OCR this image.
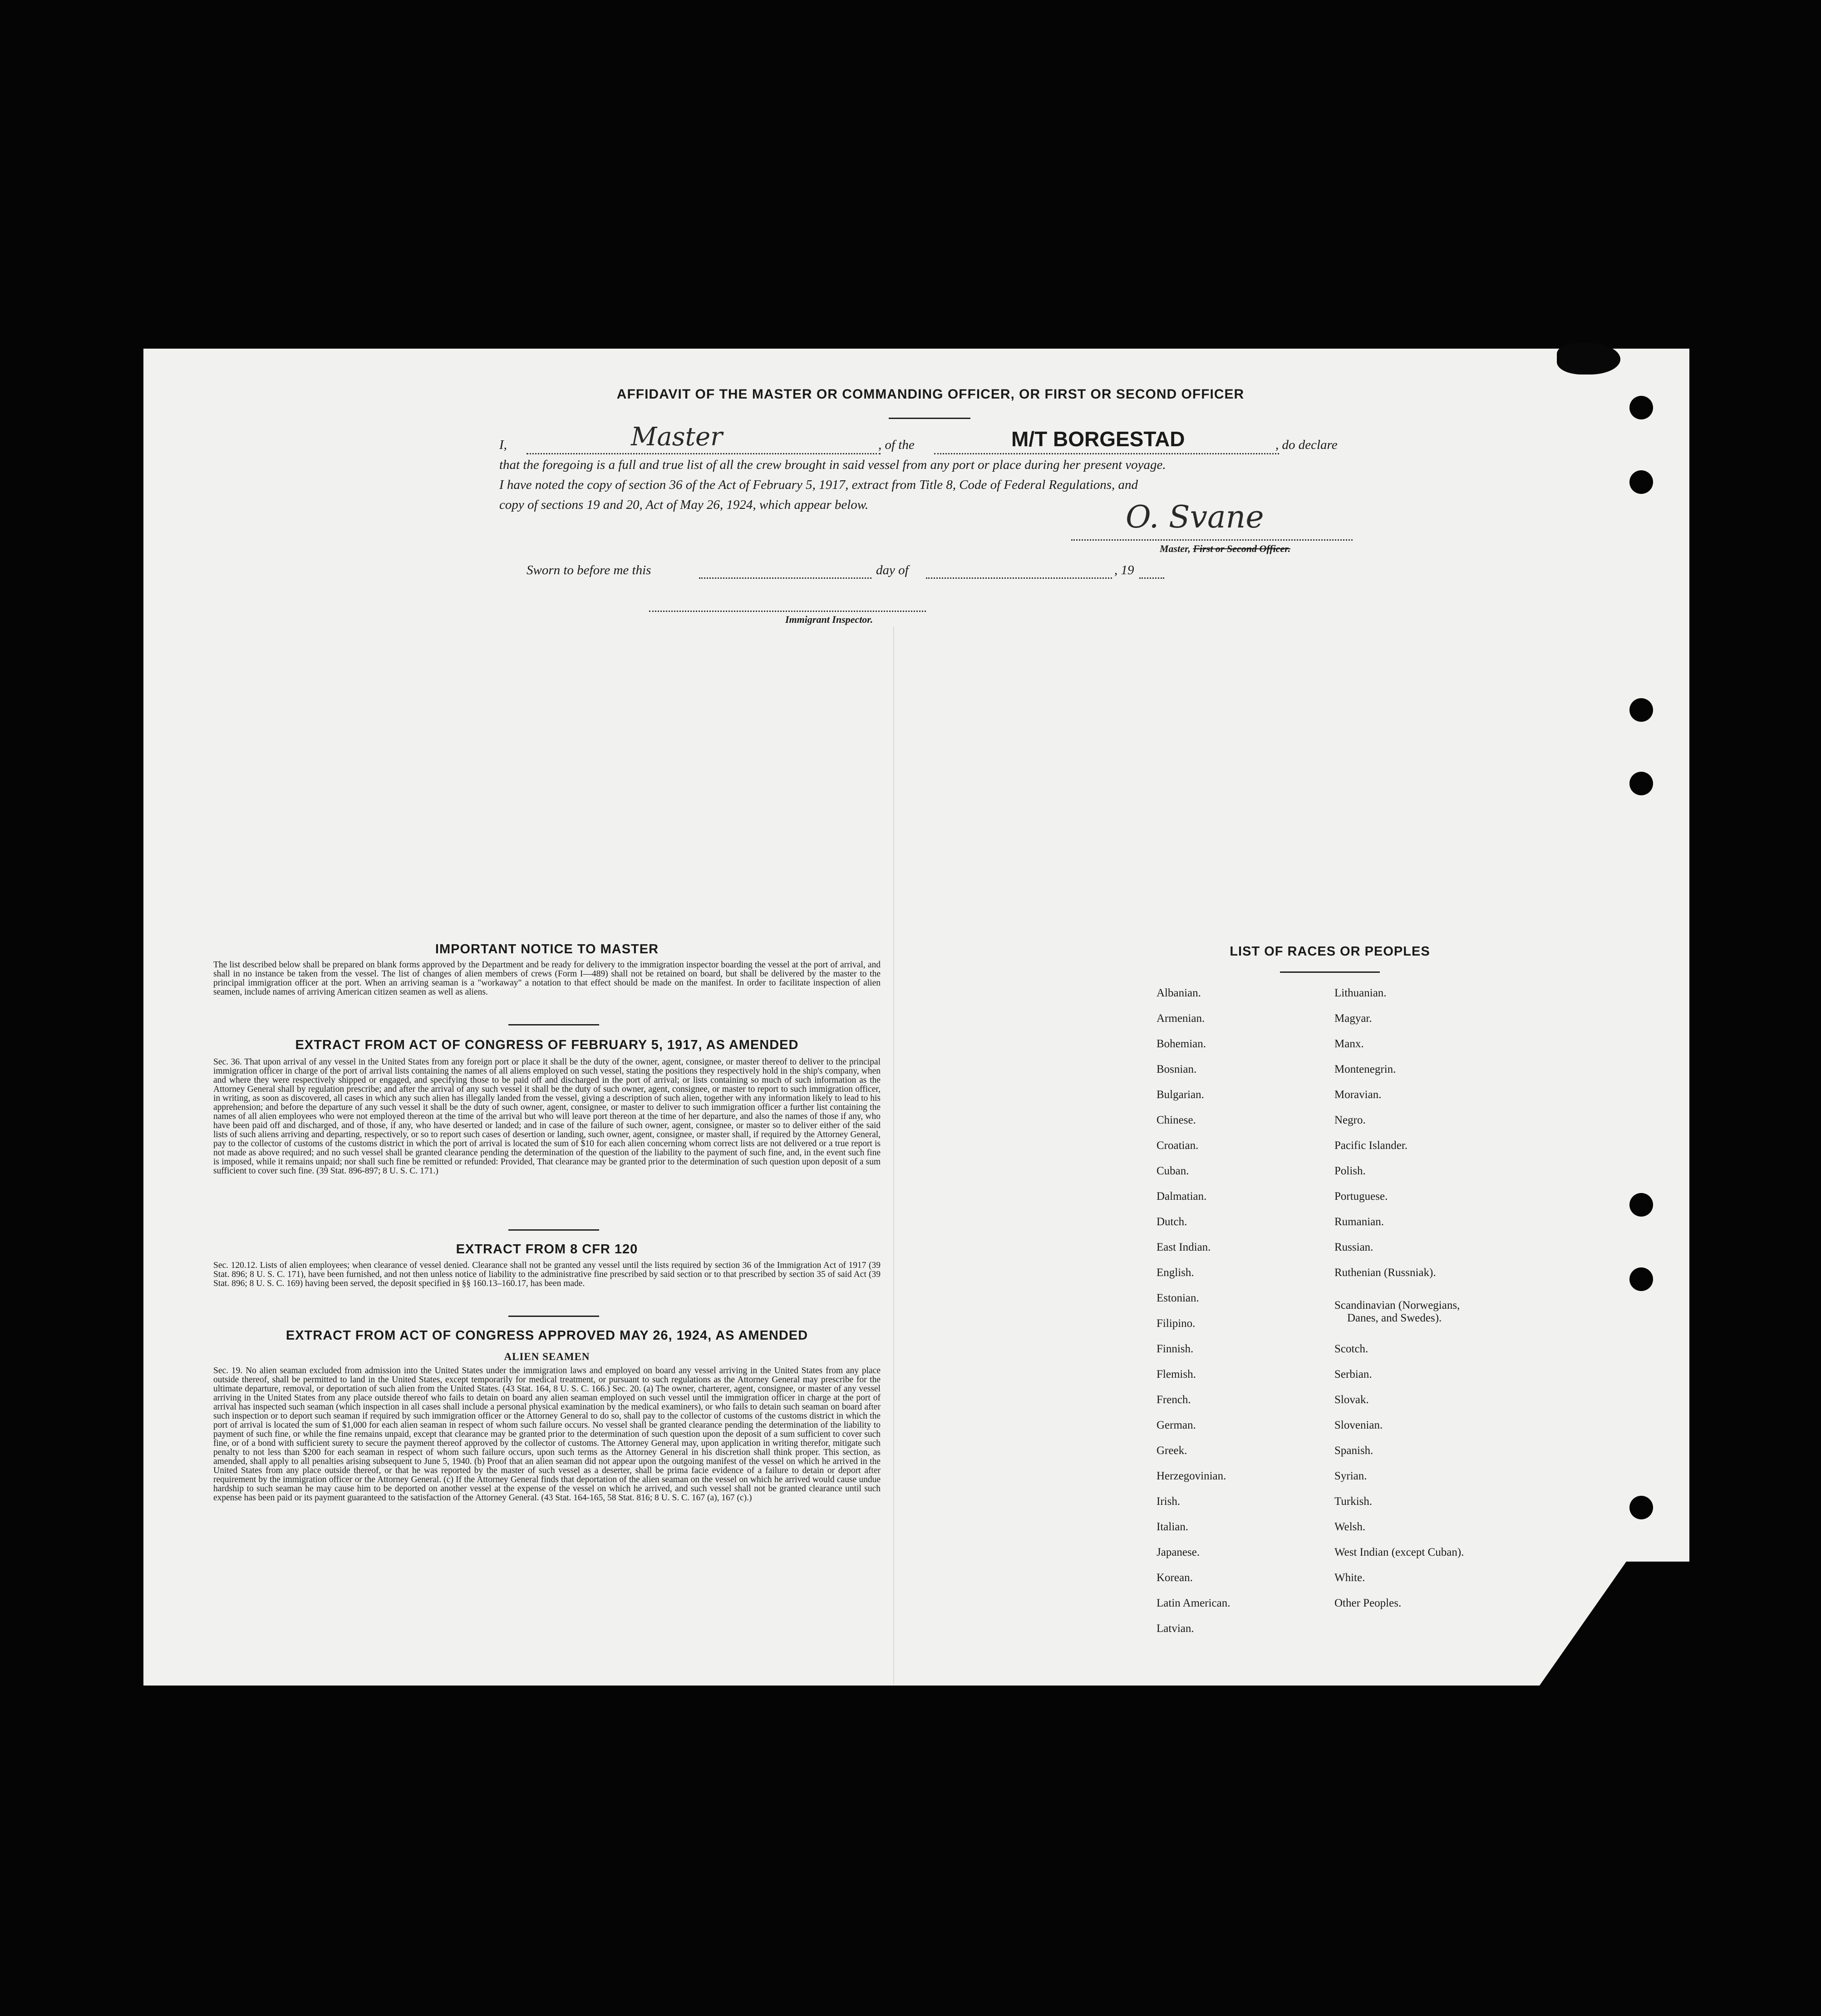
AFFIDAVIT OF THE MASTER OR COMMANDING OFFICER, OR FIRST OR SECOND OFFICER
I,	Master	, of the	M/T BORGESTAD	, do declare
that the foregoing is a full and true list of all the crew brought in said vessel from any port or place during her present voyage.
I have noted the copy of section 36 of the Act of February 5, 1917, extract from Title 8, Code of Federal Regulations, and
copy of sections 19 and 20, Act of May 26, 1924, which appear below.	O. Svane
Master, First or Second Officer.
Sworn to before me this	day of	, 19
Immigrant Inspector.
IMPORTANT NOTICE TO MASTER
The list described below shall be prepared on blank forms approved by the Department and be ready for delivery to the immigration inspector boarding the vessel at the port of arrival, and shall in no instance be taken from the vessel. The list of changes of alien members of crews (Form I—489) shall not be retained on board, but shall be delivered by the master to the principal immigration officer at the port. When an arriving seaman is a "workaway" a notation to that effect should be made on the manifest. In order to facilitate inspection of alien seamen, include names of arriving American citizen seamen as well as aliens.
EXTRACT FROM ACT OF CONGRESS OF FEBRUARY 5, 1917, AS AMENDED
Sec. 36. That upon arrival of any vessel in the United States from any foreign port or place it shall be the duty of the owner, agent, consignee, or master thereof to deliver to the principal immigration officer in charge of the port of arrival lists containing the names of all aliens employed on such vessel, stating the positions they respectively hold in the ship's company, when and where they were respectively shipped or engaged, and specifying those to be paid off and discharged in the port of arrival; or lists containing so much of such information as the Attorney General shall by regulation prescribe; and after the arrival of any such vessel it shall be the duty of such owner, agent, consignee, or master to report to such immigration officer, in writing, as soon as discovered, all cases in which any such alien has illegally landed from the vessel, giving a description of such alien, together with any information likely to lead to his apprehension; and before the departure of any such vessel it shall be the duty of such owner, agent, consignee, or master to deliver to such immigration officer a further list containing the names of all alien employees who were not employed thereon at the time of the arrival but who will leave port thereon at the time of her departure, and also the names of those if any, who have been paid off and discharged, and of those, if any, who have deserted or landed; and in case of the failure of such owner, agent, consignee, or master so to deliver either of the said lists of such aliens arriving and departing, respectively, or so to report such cases of desertion or landing, such owner, agent, consignee, or master shall, if required by the Attorney General, pay to the collector of customs of the customs district in which the port of arrival is located the sum of $10 for each alien concerning whom correct lists are not delivered or a true report is not made as above required; and no such vessel shall be granted clearance pending the determination of the question of the liability to the payment of such fine, and, in the event such fine is imposed, while it remains unpaid; nor shall such fine be remitted or refunded: Provided, That clearance may be granted prior to the determination of such question upon deposit of a sum sufficient to cover such fine. (39 Stat. 896-897; 8 U. S. C. 171.)
EXTRACT FROM 8 CFR 120
Sec. 120.12. Lists of alien employees; when clearance of vessel denied. Clearance shall not be granted any vessel until the lists required by section 36 of the Immigration Act of 1917 (39 Stat. 896; 8 U. S. C. 171), have been furnished, and not then unless notice of liability to the administrative fine prescribed by said section or to that prescribed by section 35 of said Act (39 Stat. 896; 8 U. S. C. 169) having been served, the deposit specified in §§ 160.13–160.17, has been made.
EXTRACT FROM ACT OF CONGRESS APPROVED MAY 26, 1924, AS AMENDED
ALIEN SEAMEN
Sec. 19. No alien seaman excluded from admission into the United States under the immigration laws and employed on board any vessel arriving in the United States from any place outside thereof, shall be permitted to land in the United States, except temporarily for medical treatment, or pursuant to such regulations as the Attorney General may prescribe for the ultimate departure, removal, or deportation of such alien from the United States. (43 Stat. 164, 8 U. S. C. 166.) Sec. 20. (a) The owner, charterer, agent, consignee, or master of any vessel arriving in the United States from any place outside thereof who fails to detain on board any alien seaman employed on such vessel until the immigration officer in charge at the port of arrival has inspected such seaman (which inspection in all cases shall include a personal physical examination by the medical examiners), or who fails to detain such seaman on board after such inspection or to deport such seaman if required by such immigration officer or the Attorney General to do so, shall pay to the collector of customs of the customs district in which the port of arrival is located the sum of $1,000 for each alien seaman in respect of whom such failure occurs. No vessel shall be granted clearance pending the determination of the liability to payment of such fine, or while the fine remains unpaid, except that clearance may be granted prior to the determination of such question upon the deposit of a sum sufficient to cover such fine, or of a bond with sufficient surety to secure the payment thereof approved by the collector of customs. The Attorney General may, upon application in writing therefor, mitigate such penalty to not less than $200 for each seaman in respect of whom such failure occurs, upon such terms as the Attorney General in his discretion shall think proper. This section, as amended, shall apply to all penalties arising subsequent to June 5, 1940. (b) Proof that an alien seaman did not appear upon the outgoing manifest of the vessel on which he arrived in the United States from any place outside thereof, or that he was reported by the master of such vessel as a deserter, shall be prima facie evidence of a failure to detain or deport after requirement by the immigration officer or the Attorney General. (c) If the Attorney General finds that deportation of the alien seaman on the vessel on which he arrived would cause undue hardship to such seaman he may cause him to be deported on another vessel at the expense of the vessel on which he arrived, and such vessel shall not be granted clearance until such expense has been paid or its payment guaranteed to the satisfaction of the Attorney General. (43 Stat. 164-165, 58 Stat. 816; 8 U. S. C. 167 (a), 167 (c).)
LIST OF RACES OR PEOPLES
Albanian.
Armenian.
Bohemian.
Bosnian.
Bulgarian.
Chinese.
Croatian.
Cuban.
Dalmatian.
Dutch.
East Indian.
English.
Estonian.
Filipino.
Finnish.
Flemish.
French.
German.
Greek.
Herzegovinian.
Irish.
Italian.
Japanese.
Korean.
Latin American.
Latvian.
Lithuanian.
Magyar.
Manx.
Montenegrin.
Moravian.
Negro.
Pacific Islander.
Polish.
Portuguese.
Rumanian.
Russian.
Ruthenian (Russniak).
Scandinavian (Norwegians,
Danes, and Swedes).
Scotch.
Serbian.
Slovak.
Slovenian.
Spanish.
Syrian.
Turkish.
Welsh.
West Indian (except Cuban).
White.
Other Peoples.
